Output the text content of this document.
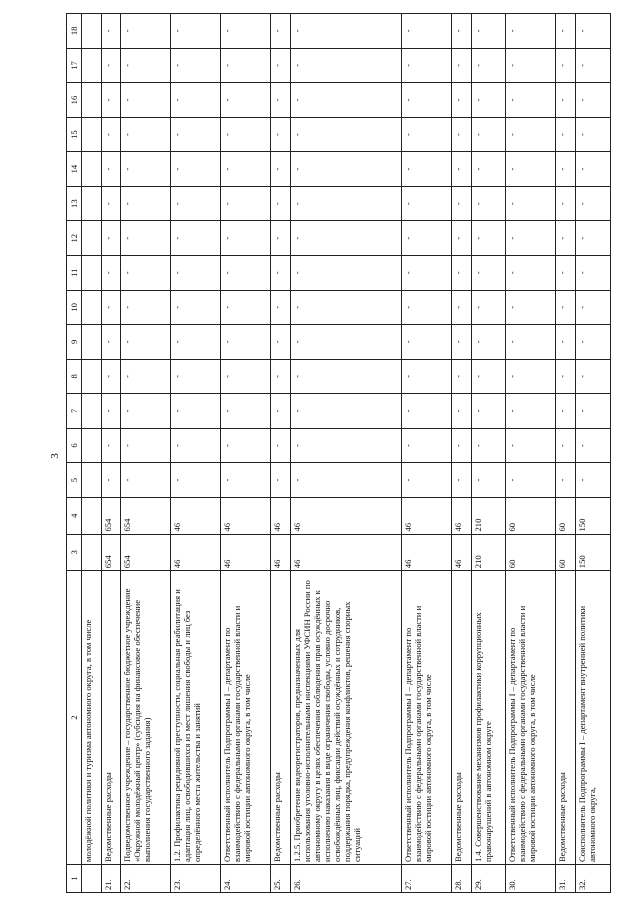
3
1	2	3	4	5	6	7	8	9	10	11	12	13	14	15	16	17	18
	молодёжной политики и туризма автономного округа, в том числе																
21.	Ведомственные расходы	654	654	-	-	-	-	-	-	-	-	-	-	-	-	-	-
22.	Подведомственное учреждение – государственное бюджетное учреждение «Окружной молодёжный центр» (субсидия на финансовое обеспечение выполнения государственного задания)	654	654	-	-	-	-	-	-	-	-	-	-	-	-	-	-
23.	1.2. Профилактика рецидивной преступности, социальная реабилитация и адаптация лиц, освободившихся из мест лишения свободы и лиц без определённого места жительства и занятий	46	46	-	-	-	-	-	-	-	-	-	-	-	-	-	-
24.	Ответственный исполнитель Подпрограммы I – департамент по взаимодействию с федеральными органами государственной власти и мировой юстиции автономного округа, в том числе	46	46	-	-	-	-	-	-	-	-	-	-	-	-	-	-
25.	Ведомственные расходы	46	46	-	-	-	-	-	-	-	-	-	-	-	-	-	-
26.	1.2.5. Приобретение видеорегистраторов, предназначенных для использования уголовно-исполнительными инспекциями УФСИН России по автономному округу в целях обеспечения соблюдения прав осуждённых к исполнению наказания в виде ограничения свободы, условно досрочно освобождённых лиц, фиксации действий осуждённых и сотрудников, поддержания порядка, предупреждения конфликтов, решения спорных ситуаций	46	46	-	-	-	-	-	-	-	-	-	-	-	-	-	-
27.	Ответственный исполнитель Подпрограммы I – департамент по взаимодействию с федеральными органами государственной власти и мировой юстиции автономного округа, в том числе	46	46	-	-	-	-	-	-	-	-	-	-	-	-	-	-
28.	Ведомственные расходы	46	46	-	-	-	-	-	-	-	-	-	-	-	-	-	-
29.	1.4. Совершенствование механизмов профилактики коррупционных правонарушений в автономном округе	210	210	-	-	-	-	-	-	-	-	-	-	-	-	-	-
30.	Ответственный исполнитель Подпрограммы I – департамент по взаимодействию с федеральными органами государственной власти и мировой юстиции автономного округа, в том числе	60	60	-	-	-	-	-	-	-	-	-	-	-	-	-	-
31.	Ведомственные расходы	60	60	-	-	-	-	-	-	-	-	-	-	-	-	-	-
32.	Соисполнитель Подпрограммы I – департамент внутренней политики автономного округа,	150	150	-	-	-	-	-	-	-	-	-	-	-	-	-	-
